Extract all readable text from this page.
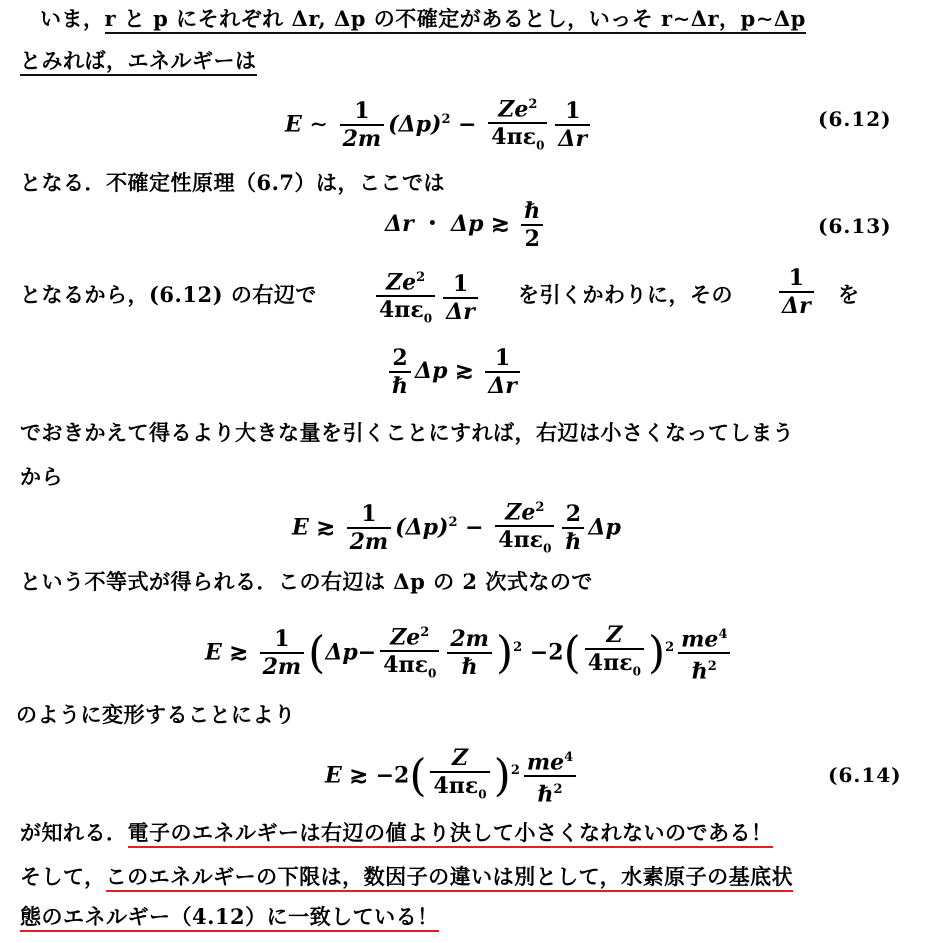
いま，r と p にそれぞれ Δr, Δp の不確定があるとし，いっそ r∼Δr，p∼Δp
とみれば，エネルギーは
E ∼ $\frac{1}{2m} (\Delta p)^2 - \frac{Ze^2}{4\pi\varepsilon_0} \frac{1}{\Delta r}$	(6.12)
となる．不確定性原理（6.7）は，ここでは
Δr ・ Δp ≳ $\frac{\text{ℏ}}{2}$	(6.13)
となるから，(6.12) の右辺で	$\frac{Ze^2}{4\pi\varepsilon_0} \frac{1}{\Delta r}$ を引くかわりに，その $\frac{1}{\Delta r}$ を
$\frac{2}{\text{ℏ}}$ Δp ≳ $\frac{1}{\Delta r}$
でおきかえて得るより大きな量を引くことにすれば，右辺は小さくなってしまう
から
E ≳ $\frac{1}{2m} (\Delta p)^2 - \frac{Ze^2}{4\pi\varepsilon_0} \frac{2}{\text{ℏ}}$ Δp
という不等式が得られる．この右辺は Δp の 2 次式なので
E ≳ $\frac{1}{2m} (\Delta p- \frac{Ze^2}{4\pi\varepsilon_0} \frac{2m}{\text{ℏ}} )^2 -2( \frac{Z}{4\pi\varepsilon_0} )^2 \frac{me^4}{\hbar^2}$
のように変形することにより
E ≳ $-2( \frac{Z}{4\pi\varepsilon_0} )^2 \frac{me^4}{\hbar^2}$	(6.14)
が知れる．電子のエネルギーは右辺の値より決して小さくなれないのである！
そして，このエネルギーの下限は，数因子の違いは別として，水素原子の基底状
態のエネルギー（4.12）に一致している！
